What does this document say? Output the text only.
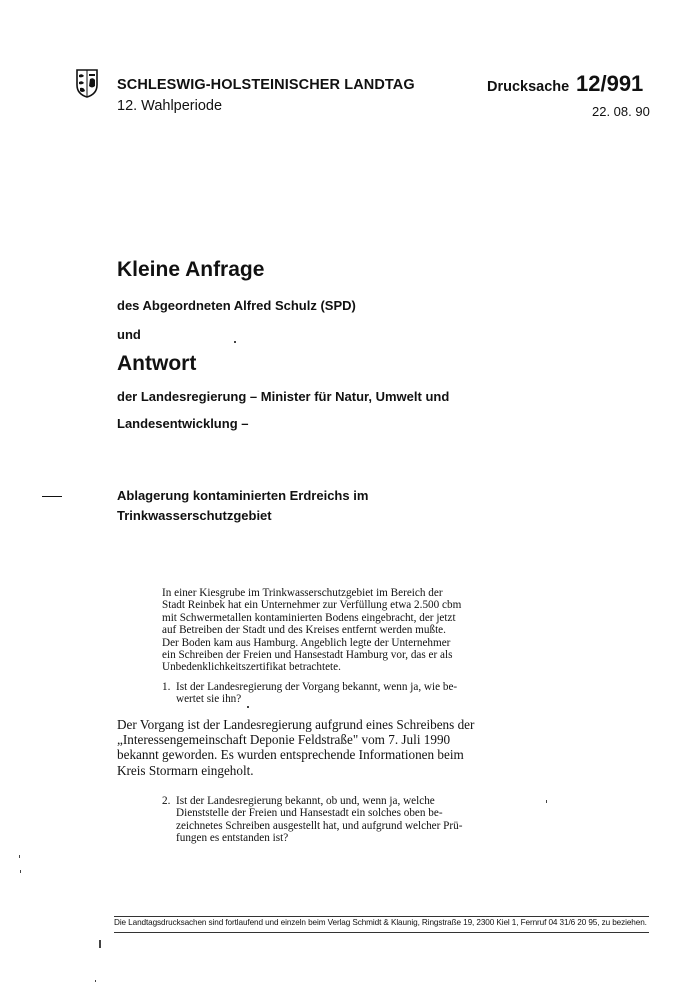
SCHLESWIG-HOLSTEINISCHER LANDTAG
12. Wahlperiode
Drucksache 12/991
22. 08. 90
Kleine Anfrage
des Abgeordneten Alfred Schulz (SPD)
und
Antwort
der Landesregierung – Minister für Natur, Umwelt und
Landesentwicklung –
Ablagerung kontaminierten Erdreichs im
Trinkwasserschutzgebiet
In einer Kiesgrube im Trinkwasserschutzgebiet im Bereich der
Stadt Reinbek hat ein Unternehmer zur Verfüllung etwa 2.500 cbm
mit Schwermetallen kontaminierten Bodens eingebracht, der jetzt
auf Betreiben der Stadt und des Kreises entfernt werden mußte.
Der Boden kam aus Hamburg. Angeblich legte der Unternehmer
ein Schreiben der Freien und Hansestadt Hamburg vor, das er als
Unbedenklichkeitszertifikat betrachtete.
1. Ist der Landesregierung der Vorgang bekannt, wenn ja, wie be-
wertet sie ihn?
Der Vorgang ist der Landesregierung aufgrund eines Schreibens der
„Interessengemeinschaft Deponie Feldstraße" vom 7. Juli 1990
bekannt geworden. Es wurden entsprechende Informationen beim
Kreis Stormarn eingeholt.
2. Ist der Landesregierung bekannt, ob und, wenn ja, welche
Dienststelle der Freien und Hansestadt ein solches oben be-
zeichnetes Schreiben ausgestellt hat, und aufgrund welcher Prü-
fungen es entstanden ist?
Die Landtagsdrucksachen sind fortlaufend und einzeln beim Verlag Schmidt & Klaunig, Ringstraße 19, 2300 Kiel 1, Fernruf 04 31/6 20 95, zu beziehen.
